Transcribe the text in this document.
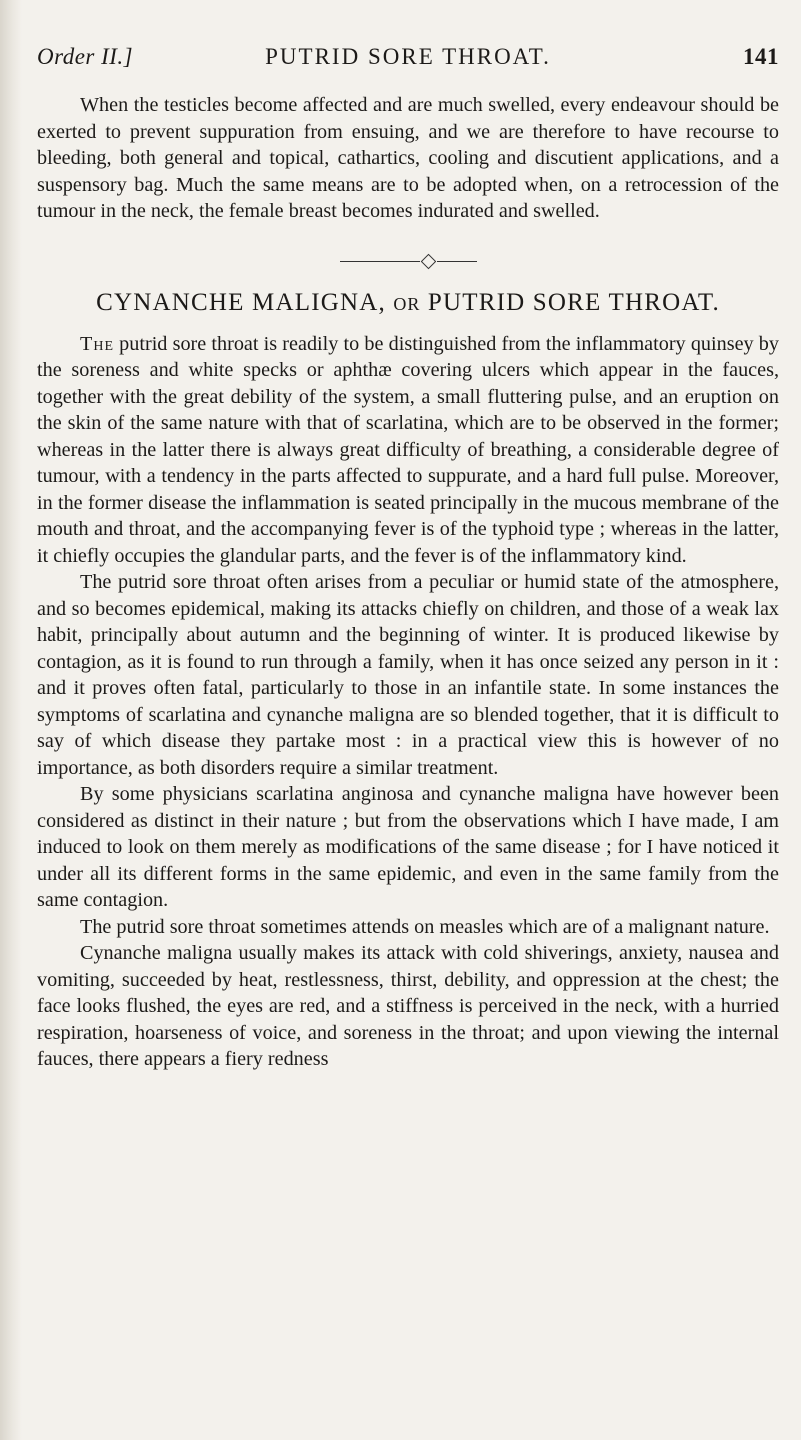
Order II.]	PUTRID SORE THROAT.	141

When the testicles become affected and are much swelled, every endeavour should be exerted to prevent suppuration from ensuing, and we are therefore to have recourse to bleeding, both general and topical, cathartics, cooling and discutient applications, and a suspensory bag. Much the same means are to be adopted when, on a retrocession of the tumour in the neck, the female breast becomes indurated and swelled.

CYNANCHE MALIGNA, OR PUTRID SORE THROAT.

The putrid sore throat is readily to be distinguished from the inflammatory quinsey by the soreness and white specks or aphthæ covering ulcers which appear in the fauces, together with the great debility of the system, a small fluttering pulse, and an eruption on the skin of the same nature with that of scarlatina, which are to be observed in the former; whereas in the latter there is always great difficulty of breathing, a considerable degree of tumour, with a tendency in the parts affected to suppurate, and a hard full pulse. Moreover, in the former disease the inflammation is seated principally in the mucous membrane of the mouth and throat, and the accompanying fever is of the typhoid type ; whereas in the latter, it chiefly occupies the glandular parts, and the fever is of the inflammatory kind.

The putrid sore throat often arises from a peculiar or humid state of the atmosphere, and so becomes epidemical, making its attacks chiefly on children, and those of a weak lax habit, principally about autumn and the beginning of winter. It is produced likewise by contagion, as it is found to run through a family, when it has once seized any person in it : and it proves often fatal, particularly to those in an infantile state. In some instances the symptoms of scarlatina and cynanche maligna are so blended together, that it is difficult to say of which disease they partake most : in a practical view this is however of no importance, as both disorders require a similar treatment.

By some physicians scarlatina anginosa and cynanche maligna have however been considered as distinct in their nature ; but from the observations which I have made, I am induced to look on them merely as modifications of the same disease ; for I have noticed it under all its different forms in the same epidemic, and even in the same family from the same contagion.

The putrid sore throat sometimes attends on measles which are of a malignant nature.

Cynanche maligna usually makes its attack with cold shiverings, anxiety, nausea and vomiting, succeeded by heat, restlessness, thirst, debility, and oppression at the chest; the face looks flushed, the eyes are red, and a stiffness is perceived in the neck, with a hurried respiration, hoarseness of voice, and soreness in the throat; and upon viewing the internal fauces, there appears a fiery redness
